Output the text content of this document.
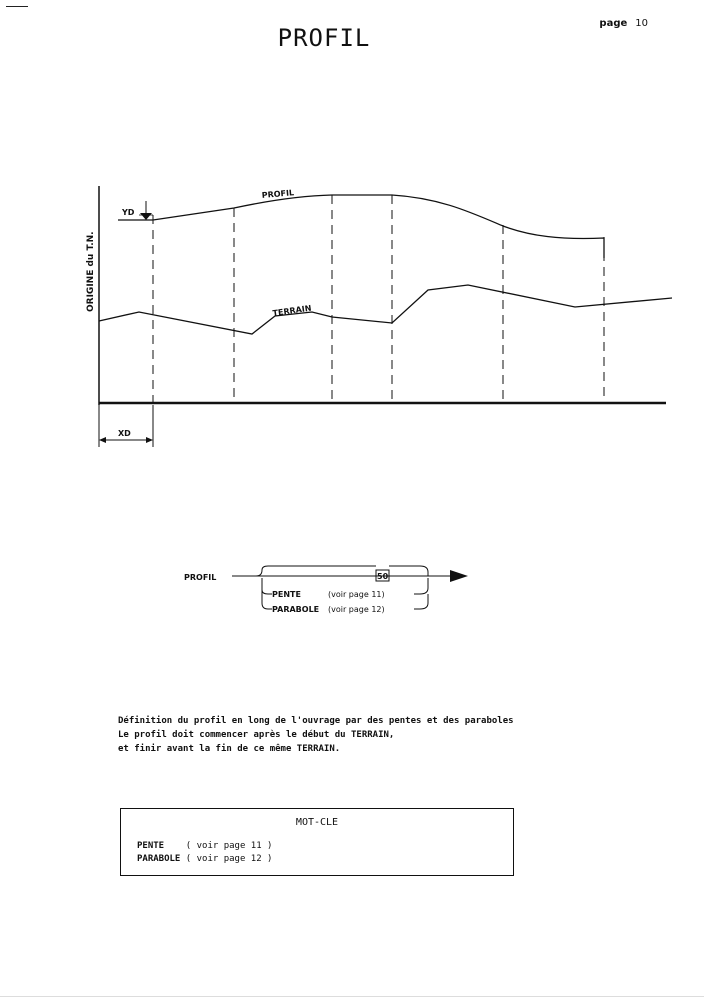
page 10
PROFIL
ORIGINE du T.N.
PROFIL
TERRAIN
YD
XD
PROFIL	50
PENTE	(voir page 11)
PARABOLE (voir page 12)
Définition du profil en long de l'ouvrage par des pentes et des paraboles
Le profil doit commencer après le début du TERRAIN,
et finir avant la fin de ce même TERRAIN.
MOT-CLE
PENTE ( voir page 11 )
PARABOLE ( voir page 12 )
